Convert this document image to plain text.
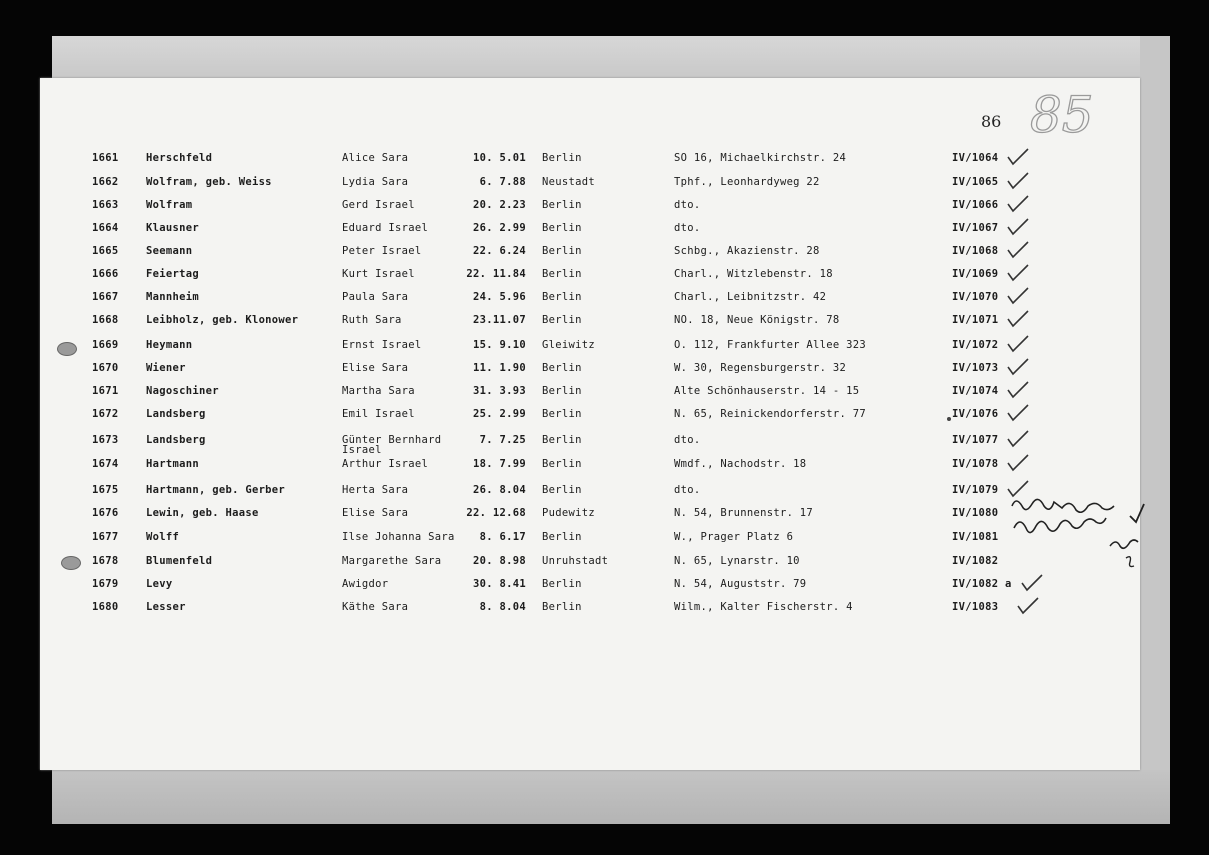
86 85
1661	Herschfeld	Alice Sara	10. 5.01 Berlin	SO 16, Michaelkirchstr. 24	IV/1064
1662	Wolfram, geb. Weiss	Lydia Sara	6. 7.88 Neustadt	Tphf., Leonhardyweg 22	IV/1065
1663	Wolfram	Gerd Israel	20. 2.23 Berlin	dto.	IV/1066
1664	Klausner	Eduard Israel	26. 2.99 Berlin	dto.	IV/1067
1665	Seemann	Peter Israel	22. 6.24 Berlin	Schbg., Akazienstr. 28	IV/1068
1666	Feiertag	Kurt Israel	22. 11.84 Berlin	Charl., Witzlebenstr. 18	IV/1069
1667	Mannheim	Paula Sara	24. 5.96 Berlin	Charl., Leibnitzstr. 42	IV/1070
1668	Leibholz, geb. Klonower	Ruth Sara	23.11.07 Berlin	NO. 18, Neue Königstr. 78	IV/1071
1669	Heymann	Ernst Israel	15. 9.10 Gleiwitz	O. 112, Frankfurter Allee 323	IV/1072
1670	Wiener	Elise Sara	11. 1.90 Berlin	W. 30, Regensburgerstr. 32	IV/1073
1671	Nagoschiner	Martha Sara	31. 3.93 Berlin	Alte Schönhauserstr. 14 - 15	IV/1074
1672	Landsberg	Emil Israel	25. 2.99 Berlin	N. 65, Reinickendorferstr. 77	IV/1076
1673	Landsberg	Günter Bernhard	7. 7.25 Berlin	dto.	IV/1077
Israel
1674	Hartmann	Arthur Israel	18. 7.99 Berlin	Wmdf., Nachodstr. 18	IV/1078
1675	Hartmann, geb. Gerber	Herta Sara	26. 8.04 Berlin	dto.	IV/1079
1676	Lewin, geb. Haase	Elise Sara	22. 12.68 Pudewitz	N. 54, Brunnenstr. 17	IV/1080
1677	Wolff	Ilse Johanna Sara	8. 6.17 Berlin	W., Prager Platz 6	IV/1081
1678	Blumenfeld	Margarethe Sara	20. 8.98 Unruhstadt	N. 65, Lynarstr. 10	IV/1082
1679	Levy	Awigdor	30. 8.41 Berlin	N. 54, Auguststr. 79	IV/1082 a
1680	Lesser	Käthe Sara	8. 8.04 Berlin	Wilm., Kalter Fischerstr. 4	IV/1083
